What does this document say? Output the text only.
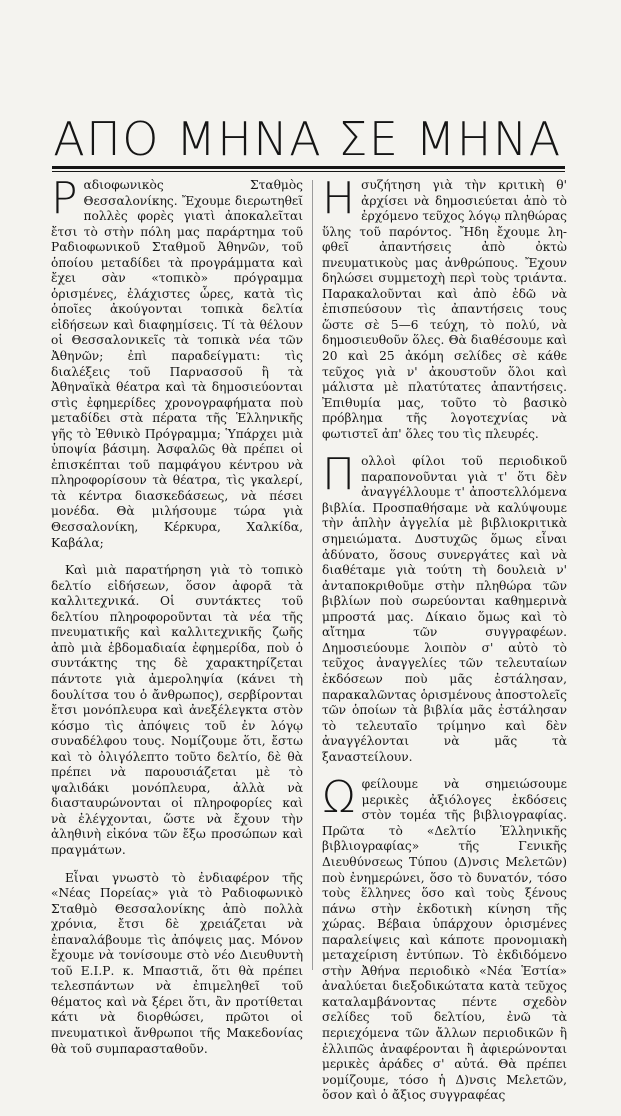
ΑΠΟ ΜΗΝΑ ΣΕ ΜΗΝΑ

Ραδιοφωνικὸς Σταθμὸς Θεσσαλονίκης. Ἔχουμε διερωτηθεῖ πολλὲς φορὲς γιατὶ ἀποκαλεῖται ἔτσι τὸ στὴν πόλη μας παράρτημα τοῦ Ραδιοφωνικοῦ Σταθμοῦ Ἀθηνῶν, τοῦ ὁποίου μεταδίδει τὰ προγράμματα καὶ ἔχει σὰν «τοπικὸ» πρόγραμμα ὁρισμένες, ἐλάχιστες ὧρες, κατὰ τὶς ὁποῖες ἀκούγονται τοπικὰ δελτία εἰδήσεων καὶ διαφημίσεις. Τί τὰ θέλουν οἱ Θεσσαλονικεῖς τὰ τοπικὰ νέα τῶν Ἀθηνῶν; ἐπὶ παραδείγματι: τὶς διαλέξεις τοῦ Παρνασσοῦ ἢ τὰ Ἀθηναϊκὰ θέατρα καὶ τὰ δημοσιεύονται στὶς ἐφημερίδες χρονογραφήματα ποὺ μεταδίδει στὰ πέρατα τῆς Ἑλληνικῆς γῆς τὸ Ἐθνικὸ Πρόγραμμα; Ὑπάρχει μιὰ ὑποψία βάσιμη. Ἀσφαλῶς θὰ πρέπει οἱ ἐπισκέπται τοῦ παμφάγου κέντρου νὰ πληροφορίσουν τὰ θέατρα, τὶς γκαλερί, τὰ κέντρα διασκεδάσεως, νὰ πέσει μονέδα. Θὰ μιλήσουμε τώρα γιὰ Θεσσαλονίκη, Κέρκυρα, Χαλκίδα, Καβάλα;

Καὶ μιὰ παρατήρηση γιὰ τὸ τοπικὸ δελτίο εἰδήσεων, ὅσον ἀφορᾶ τὰ καλλιτεχνικά. Οἱ συντάκτες τοῦ δελτίου πληροφοροῦνται τὰ νέα τῆς πνευματικῆς καὶ καλλιτεχνικῆς ζωῆς ἀπὸ μιὰ ἑβδομαδιαία ἐφημερίδα, ποὺ ὁ συντάκτης της δὲ χαρακτηρίζεται πάντοτε γιὰ ἀμεροληψία (κάνει τὴ δουλίτσα του ὁ ἄνθρωπος), σερβίρονται ἔτσι μονόπλευρα καὶ ἀνεξέλεγκτα στὸν κόσμο τὶς ἀπόψεις τοῦ ἐν λόγῳ συναδέλφου τους. Νομίζουμε ὅτι, ἔστω καὶ τὸ ὀλιγόλεπτο τοῦτο δελτίο, δὲ θὰ πρέπει νὰ παρουσιάζεται μὲ τὸ ψαλιδάκι μονόπλευρα, ἀλλὰ νὰ διασταυρώνονται οἱ πληροφορίες καὶ νὰ ἐλέγχονται, ὥστε νὰ ἔχουν τὴν ἀληθινὴ εἰκόνα τῶν ἔξω προσώπων καὶ πραγμάτων.

Εἶναι γνωστὸ τὸ ἐνδιαφέρον τῆς «Νέας Πορείας» γιὰ τὸ Ραδιοφωνικὸ Σταθμὸ Θεσσαλονίκης ἀπὸ πολλὰ χρόνια, ἔτσι δὲ χρειάζεται νὰ ἐπαναλάβουμε τὶς ἀπόψεις μας. Μόνον ἔχουμε νὰ τονίσουμε στὸ νέο Διευθυντὴ τοῦ Ε.Ι.Ρ. κ. Μπαστιᾶ, ὅτι θὰ πρέπει τελεσπάντων νὰ ἐπιμεληθεῖ τοῦ θέματος καὶ νὰ ξέρει ὅτι, ἂν προτίθεται κάτι νὰ διορθώσει, πρῶτοι οἱ πνευματικοὶ ἄνθρωποι τῆς Μακεδονίας θὰ τοῦ συμπαρασταθοῦν.

Ησυζήτηση γιὰ τὴν κριτικὴ θ' ἀρχίσει νὰ δημοσιεύεται ἀπὸ τὸ ἐρχόμενο τεῦχος λόγῳ πληθώρας ὕλης τοῦ παρόντος. Ἤδη ἔχουμε ληφθεῖ ἀπαντήσεις ἀπὸ ὀκτὼ πνευματικοὺς μας ἀνθρώπους. Ἔχουν δηλώσει συμμετοχὴ περὶ τοὺς τριάντα. Παρακαλοῦνται καὶ ἀπὸ ἐδῶ νὰ ἐπισπεύσουν τὶς ἀπαντήσεις τους ὥστε σὲ 5—6 τεύχη, τὸ πολύ, νὰ δημοσιευθοῦν ὅλες. Θὰ διαθέσουμε καὶ 20 καὶ 25 ἀκόμη σελίδες σὲ κάθε τεῦχος γιὰ ν' ἀκουστοῦν ὅλοι καὶ μάλιστα μὲ πλατύτατες ἀπαντήσεις. Ἐπιθυμία μας, τοῦτο τὸ βασικὸ πρόβλημα τῆς λογοτεχνίας νὰ φωτιστεῖ ἀπ' ὅλες του τὶς πλευρές.

Πολλοὶ φίλοι τοῦ περιοδικοῦ παραπονοῦνται γιὰ τ' ὅτι δὲν ἀναγγέλλουμε τ' ἀποστελλόμενα βιβλία. Προσπαθήσαμε νὰ καλύψουμε τὴν ἁπλὴν ἀγγελία μὲ βιβλιοκριτικὰ σημειώματα. Δυστυχῶς ὅμως εἶναι ἀδύνατο, ὅσους συνεργάτες καὶ νὰ διαθέταμε γιὰ τούτη τὴ δουλειὰ ν' ἀνταποκριθοῦμε στὴν πληθώρα τῶν βιβλίων ποὺ σωρεύονται καθημερινὰ μπροστά μας. Δίκαιο ὅμως καὶ τὸ αἴτημα τῶν συγγραφέων. Δημοσιεύουμε λοιπὸν σ' αὐτὸ τὸ τεῦχος ἀναγγελίες τῶν τελευταίων ἐκδόσεων ποὺ μᾶς ἐστάλησαν, παρακαλῶντας ὁρισμένους ἀποστολεῖς τῶν ὁποίων τὰ βιβλία μᾶς ἐστάλησαν τὸ τελευταῖο τρίμηνο καὶ δὲν ἀναγγέλονται νὰ μᾶς τὰ ξαναστείλουν.

Ωφείλουμε νὰ σημειώσουμε μερικὲς ἀξιόλογες ἐκδόσεις στὸν τομέα τῆς βιβλιογραφίας. Πρῶτα τὸ «Δελτίο Ἑλληνικῆς βιβλιογραφίας» τῆς Γενικῆς Διευθύνσεως Τύπου (Δ)νσις Μελετῶν) ποὺ ἐνημερώνει, ὅσο τὸ δυνατόν, τόσο τοὺς ἕλληνες ὅσο καὶ τοὺς ξένους πάνω στὴν ἐκδοτικὴ κίνηση τῆς χώρας. Βέβαια ὑπάρχουν ὁρισμένες παραλείψεις καὶ κάποτε προνομιακὴ μεταχείριση ἐντύπων. Τὸ ἐκδιδόμενο στὴν Ἀθήνα περιοδικὸ «Νέα Ἑστία» ἀναλύεται διεξοδικώτατα κατὰ τεῦχος καταλαμβάνοντας πέντε σχεδὸν σελίδες τοῦ δελτίου, ἐνῶ τὰ περιεχόμενα τῶν ἄλλων περιοδικῶν ἢ ἐλλιπῶς ἀναφέρονται ἢ ἀφιερώνονται μερικὲς ἀράδες σ' αὐτά. Θὰ πρέπει νομίζουμε, τόσο ἡ Δ)νσις Μελετῶν, ὅσον καὶ ὁ ἄξιος συγγραφέας
